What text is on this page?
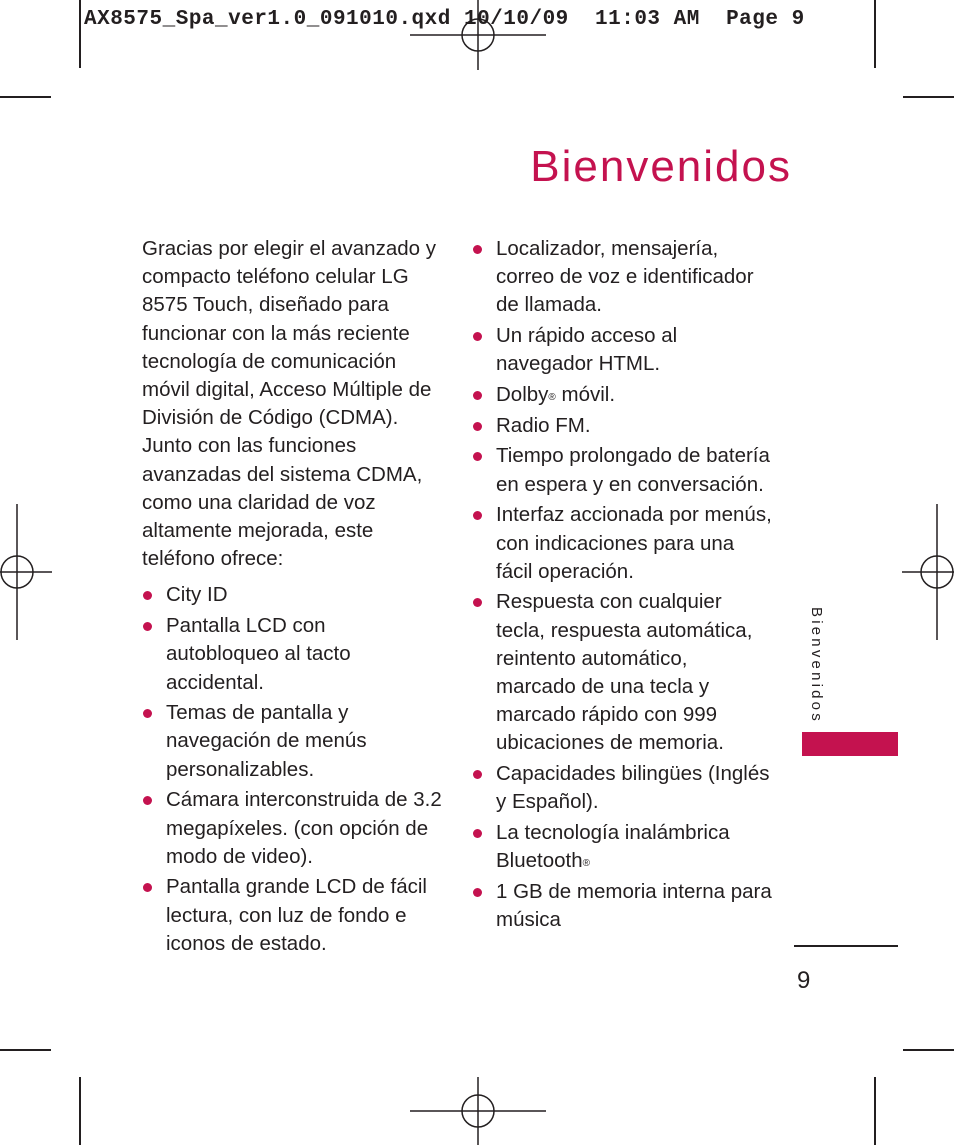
AX8575_Spa_ver1.0_091010.qxd 10/10/09 11:03 AM Page 9
Bienvenidos

Gracias por elegir el avanzado y compacto teléfono celular LG 8575 Touch, diseñado para funcionar con la más reciente tecnología de comunicación móvil digital, Acceso Múltiple de División de Código (CDMA). Junto con las funciones avanzadas del sistema CDMA, como una claridad de voz altamente mejorada, este teléfono ofrece:

City ID
Pantalla LCD con autobloqueo al tacto accidental.
Temas de pantalla y navegación de menús personalizables.
Cámara interconstruida de 3.2 megapíxeles. (con opción de modo de video).
Pantalla grande LCD de fácil lectura, con luz de fondo e iconos de estado.
Localizador, mensajería, correo de voz e identificador de llamada.
Un rápido acceso al navegador HTML.
Dolby® móvil.
Radio FM.
Tiempo prolongado de batería en espera y en conversación.
Interfaz accionada por menús, con indicaciones para una fácil operación.
Respuesta con cualquier tecla, respuesta automática, reintento automático, marcado de una tecla y marcado rápido con 999 ubicaciones de memoria.
Capacidades bilingües (Inglés y Español).
La tecnología inalámbrica Bluetooth®
1 GB de memoria interna para música
Bienvenidos
9
